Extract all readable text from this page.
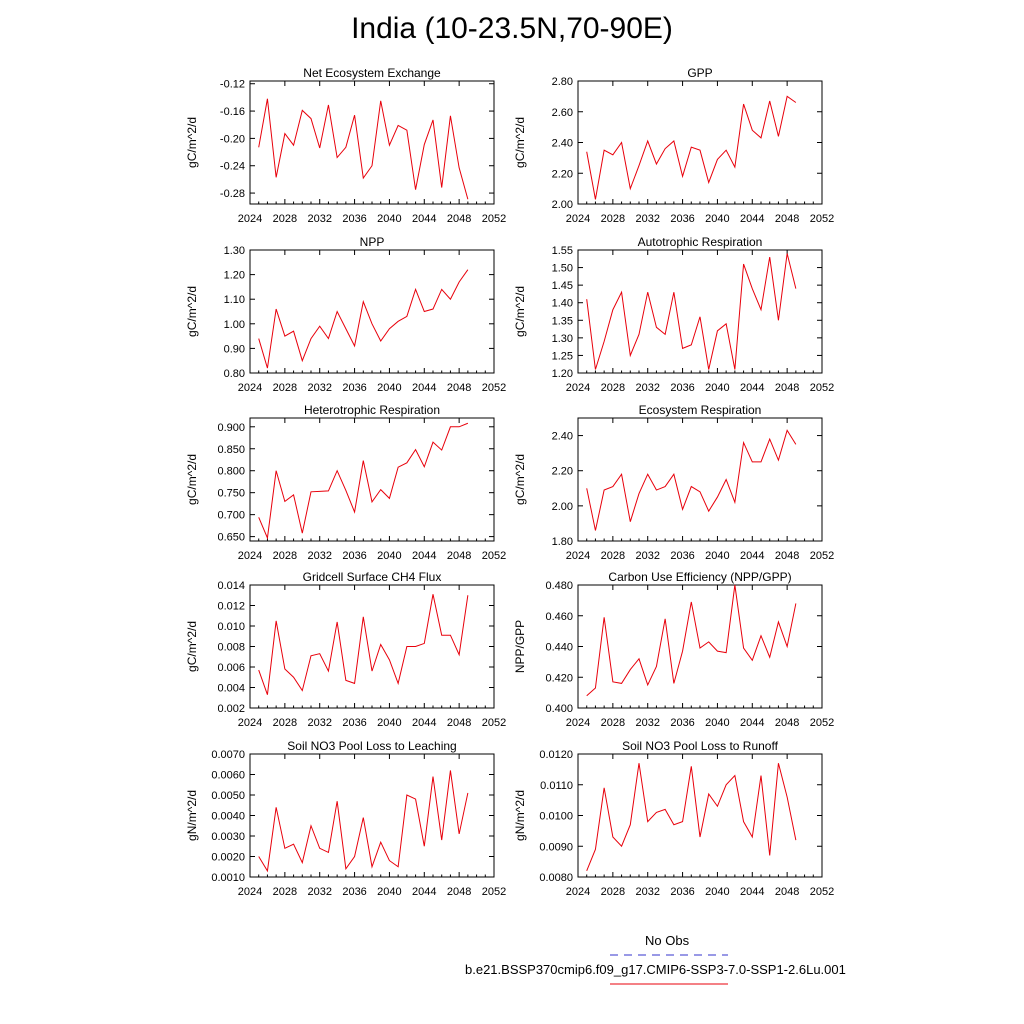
India (10-23.5N,70-90E)
Net Ecosystem Exchange
gC/m^2/d
2024 2028 2032 2036 2040 2044 2048 2052
-0.12
-0.16
-0.20
-0.24
-0.28
GPP
gC/m^2/d
2024 2028 2032 2036 2040 2044 2048 2052
2.00
2.20
2.40
2.60
2.80
NPP
gC/m^2/d
2024 2028 2032 2036 2040 2044 2048 2052
0.80
0.90
1.00
1.10
1.20
1.30
Autotrophic Respiration
gC/m^2/d
2024 2028 2032 2036 2040 2044 2048 2052
1.20
1.25
1.30
1.35
1.40
1.45
1.50
1.55
Heterotrophic Respiration
gC/m^2/d
2024 2028 2032 2036 2040 2044 2048 2052
0.650
0.700
0.750
0.800
0.850
0.900
Ecosystem Respiration
gC/m^2/d
2024 2028 2032 2036 2040 2044 2048 2052
1.80
2.00
2.20
2.40
Gridcell Surface CH4 Flux
gC/m^2/d
2024 2028 2032 2036 2040 2044 2048 2052
0.002
0.004
0.006
0.008
0.010
0.012
0.014
Carbon Use Efficiency (NPP/GPP)
NPP/GPP
2024 2028 2032 2036 2040 2044 2048 2052
0.400
0.420
0.440
0.460
0.480
Soil NO3 Pool Loss to Leaching
gN/m^2/d
2024 2028 2032 2036 2040 2044 2048 2052
0.0010
0.0020
0.0030
0.0040
0.0050
0.0060
0.0070
Soil NO3 Pool Loss to Runoff
gN/m^2/d
2024 2028 2032 2036 2040 2044 2048 2052
0.0080
0.0090
0.0100
0.0110
0.0120
No Obs
b.e21.BSSP370cmip6.f09_g17.CMIP6-SSP3-7.0-SSP1-2.6Lu.001
